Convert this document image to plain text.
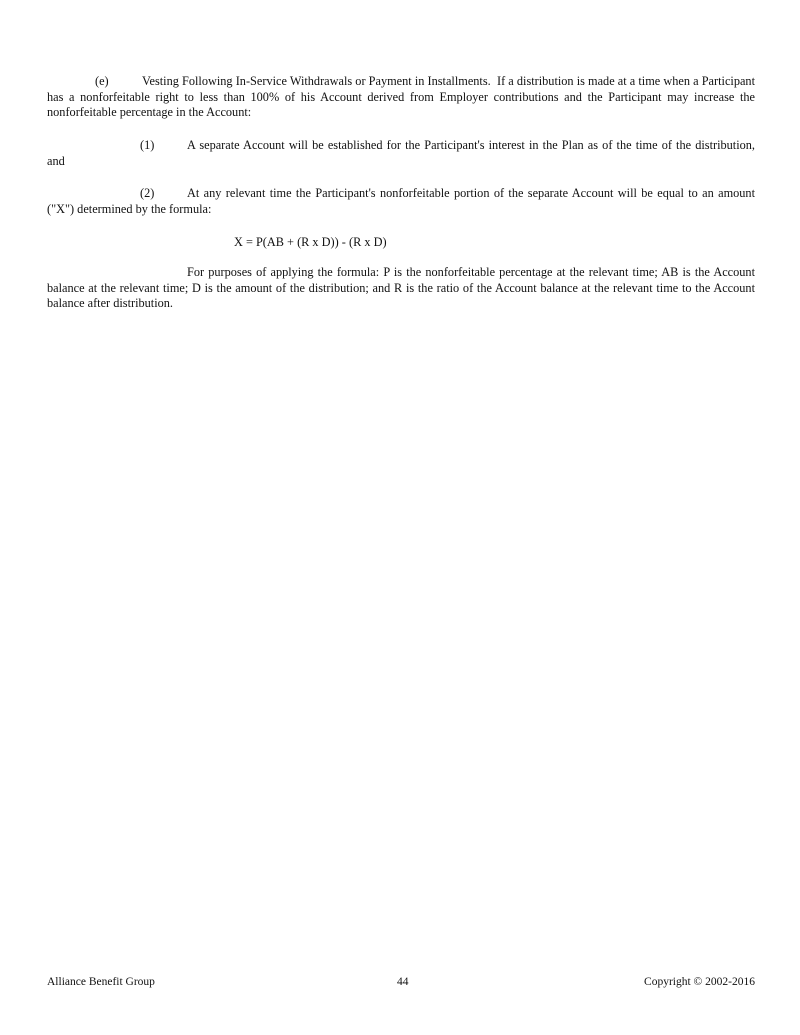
(e)	Vesting Following In-Service Withdrawals or Payment in Installments. If a distribution is made at a time when a Participant has a nonforfeitable right to less than 100% of his Account derived from Employer contributions and the Participant may increase the nonforfeitable percentage in the Account:

(1)	A separate Account will be established for the Participant's interest in the Plan as of the time of the distribution, and

(2)	At any relevant time the Participant's nonforfeitable portion of the separate Account will be equal to an amount ("X") determined by the formula:

X = P(AB + (R x D)) - (R x D)

For purposes of applying the formula: P is the nonforfeitable percentage at the relevant time; AB is the Account balance at the relevant time; D is the amount of the distribution; and R is the ratio of the Account balance at the relevant time to the Account balance after distribution.

Alliance Benefit Group	44	Copyright © 2002-2016
